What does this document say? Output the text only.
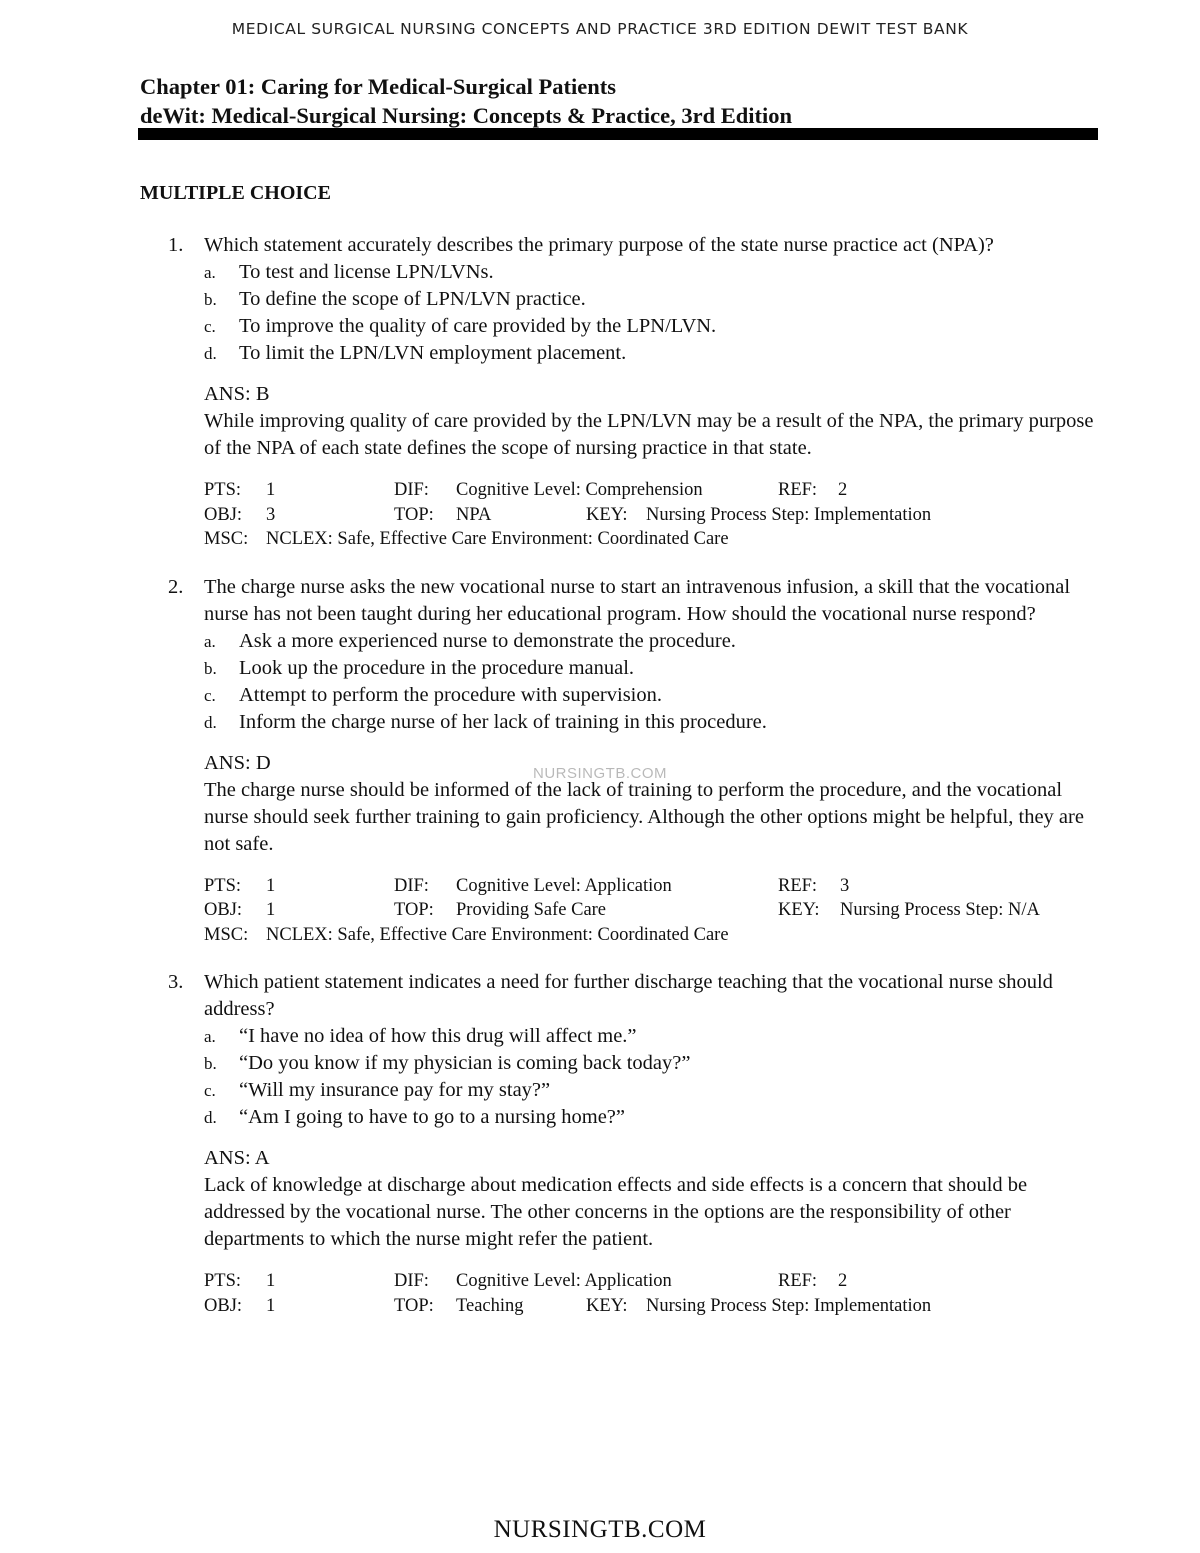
MEDICAL SURGICAL NURSING CONCEPTS AND PRACTICE 3RD EDITION DEWIT TEST BANK
Chapter 01: Caring for Medical-Surgical Patients
deWit: Medical-Surgical Nursing: Concepts & Practice, 3rd Edition
MULTIPLE CHOICE
1.	Which statement accurately describes the primary purpose of the state nurse practice act (NPA)?

a. To test and license LPN/LVNs.
b. To define the scope of LPN/LVN practice.
c. To improve the quality of care provided by the LPN/LVN.
d. To limit the LPN/LVN employment placement.
ANS: B
While improving quality of care provided by the LPN/LVN may be a result of the NPA, the primary purpose of the NPA of each state defines the scope of nursing practice in that state.
PTS:	1	DIF:	Cognitive Level: Comprehension	REF:	2
OBJ:	3	TOP:	NPA	KEY:	Nursing Process Step: Implementation
MSC: NCLEX: Safe, Effective Care Environment: Coordinated Care
2.	The charge nurse asks the new vocational nurse to start an intravenous infusion, a skill that the vocational nurse has not been taught during her educational program. How should the vocational nurse respond?

a. Ask a more experienced nurse to demonstrate the procedure.
b. Look up the procedure in the procedure manual.
c. Attempt to perform the procedure with supervision.
d. Inform the charge nurse of her lack of training in this procedure.
ANS: D
The charge nurse should be informed of the lack of training to perform the procedure, and the vocational nurse should seek further training to gain proficiency. Although the other options might be helpful, they are not safe.
PTS:	1	DIF:	Cognitive Level: Application	REF:	3
OBJ:	1	TOP:	Providing Safe Care	KEY:	Nursing Process Step: N/A
MSC: NCLEX: Safe, Effective Care Environment: Coordinated Care
3.	Which patient statement indicates a need for further discharge teaching that the vocational nurse should address?

a. “I have no idea of how this drug will affect me.”
b. “Do you know if my physician is coming back today?”
c. “Will my insurance pay for my stay?”
d. “Am I going to have to go to a nursing home?”
ANS: A
Lack of knowledge at discharge about medication effects and side effects is a concern that should be addressed by the vocational nurse. The other concerns in the options are the responsibility of other departments to which the nurse might refer the patient.
PTS:	1	DIF:	Cognitive Level: Application	REF:	2
OBJ:	1	TOP:	Teaching	KEY:	Nursing Process Step: Implementation
NURSINGTB.COM
NURSINGTB.COM
